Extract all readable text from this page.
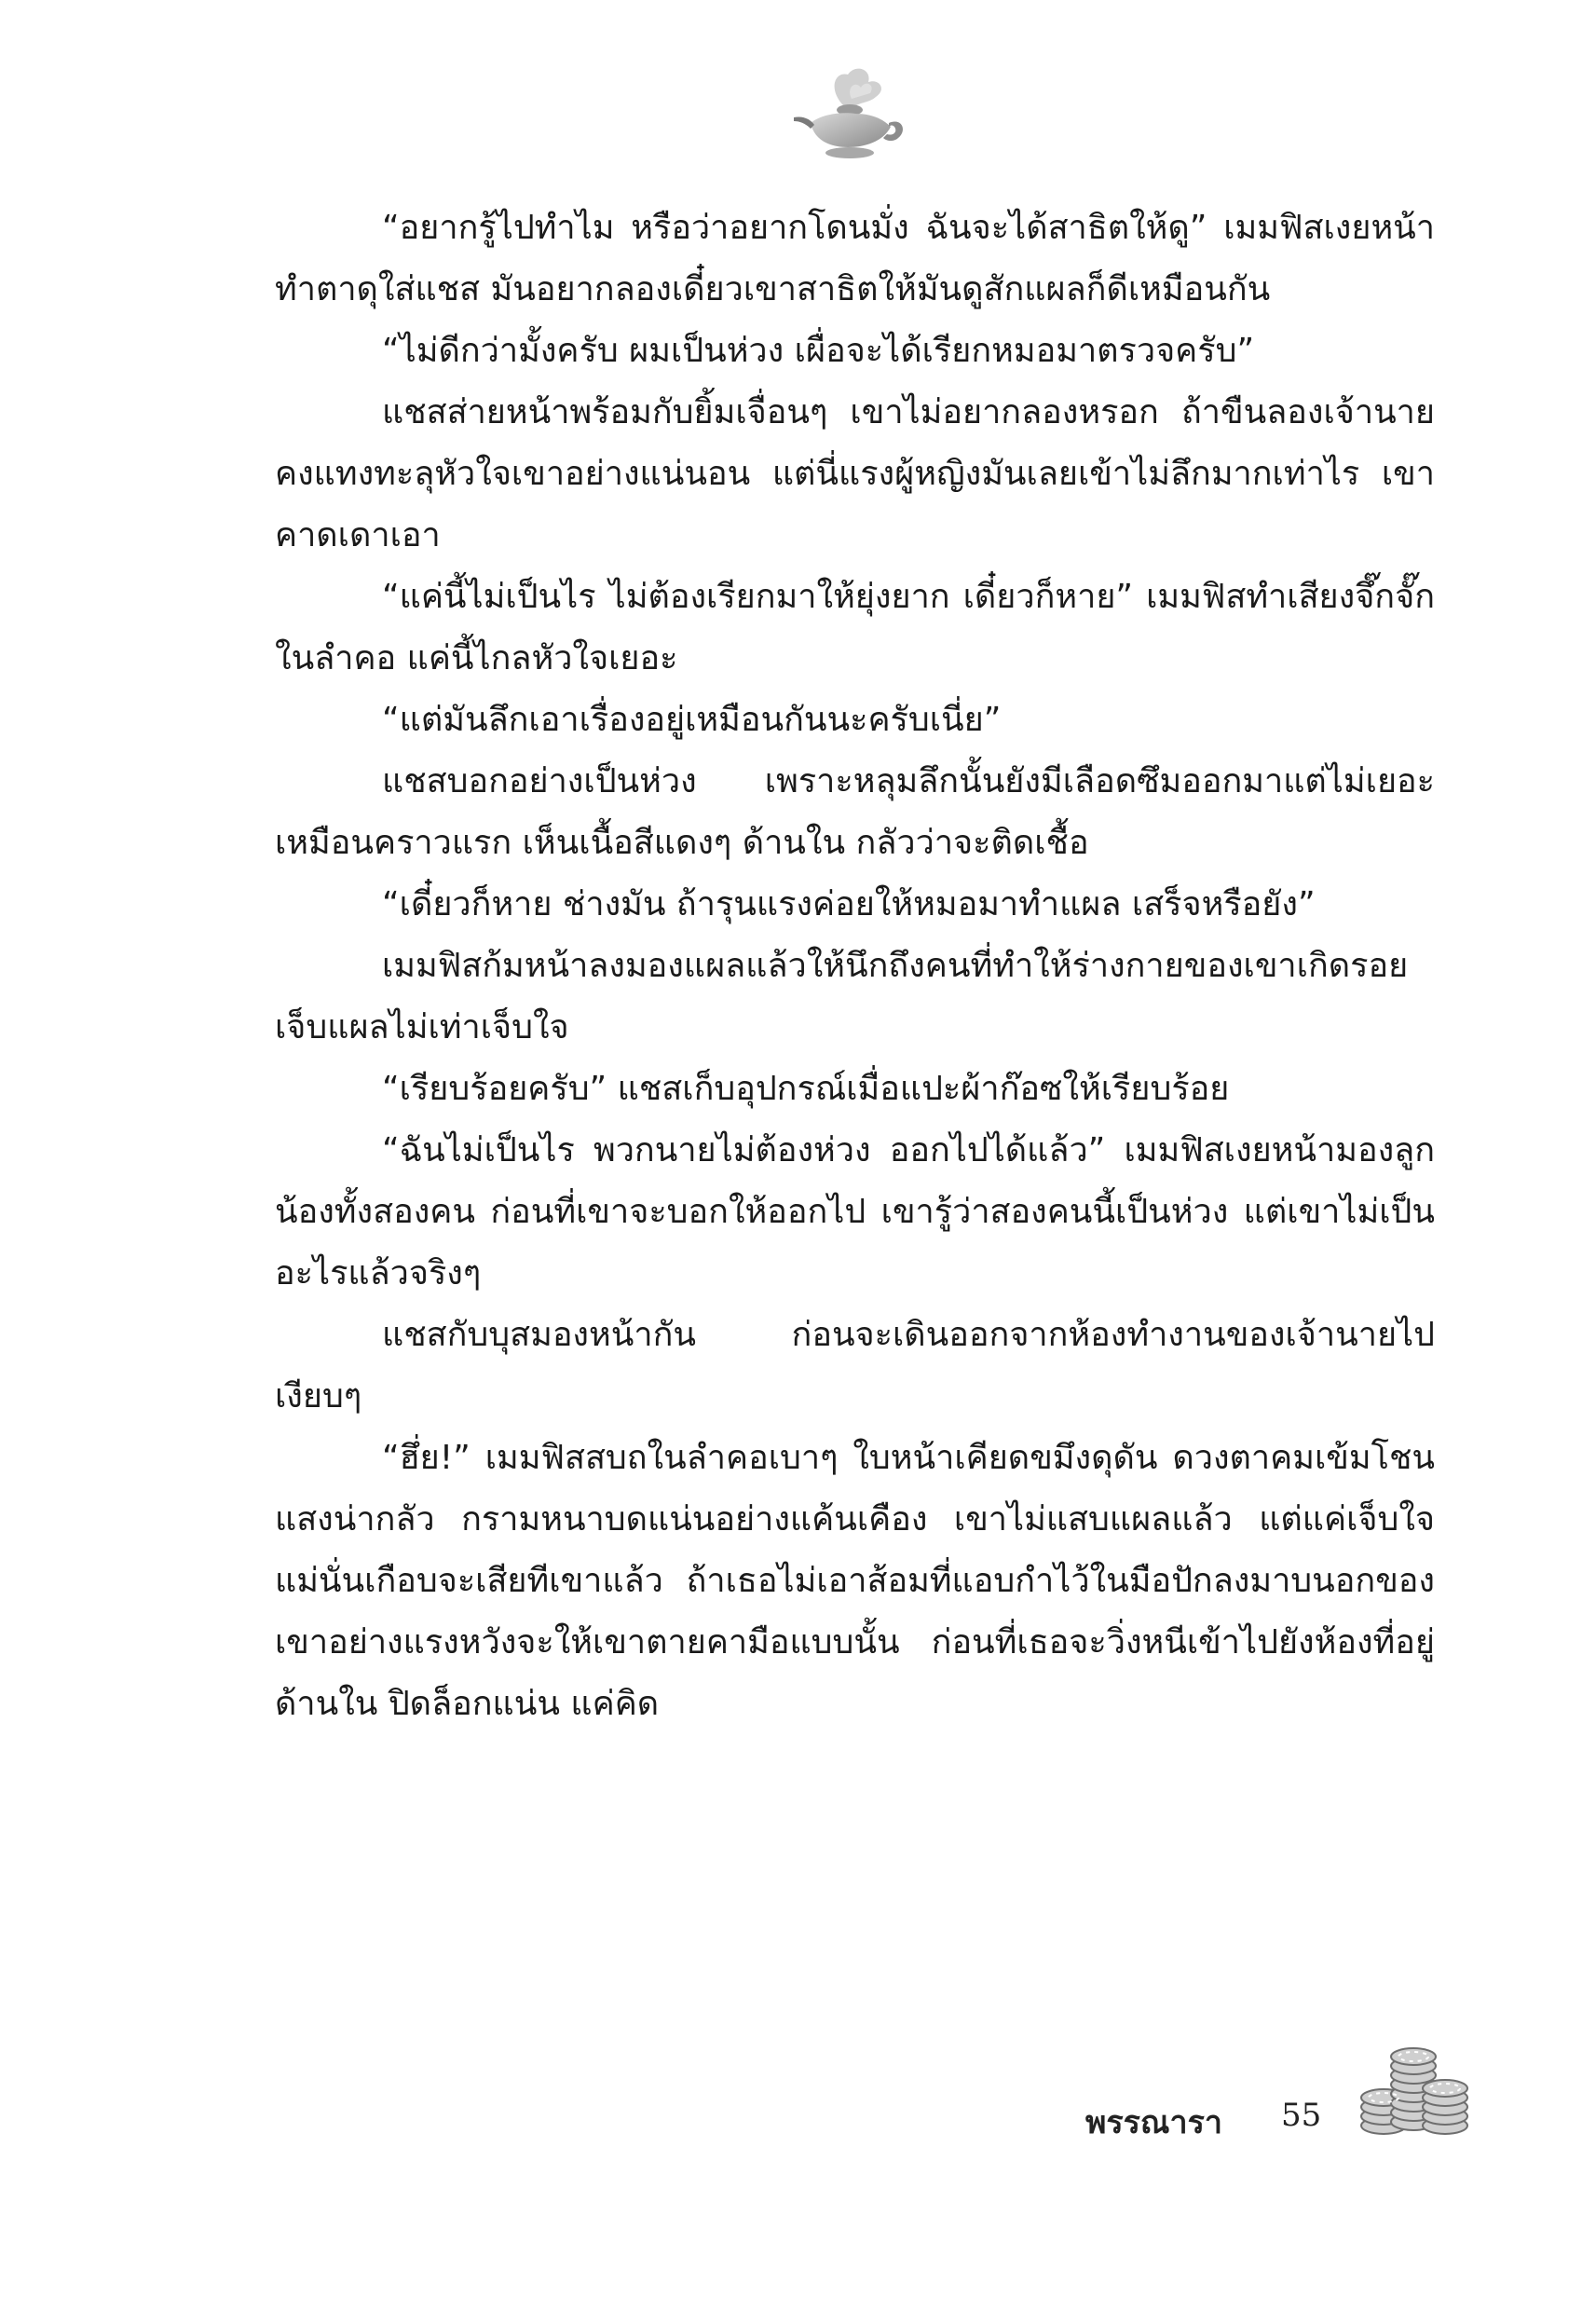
“อยากรู้ไปทำไม หรือว่าอยากโดนมั่ง ฉันจะได้สาธิตให้ดู” เมมฟิสเงยหน้าทำตาดุใส่แชส มันอยากลองเดี๋ยวเขาสาธิตให้มันดูสักแผลก็ดีเหมือนกัน

“ไม่ดีกว่ามั้งครับ ผมเป็นห่วง เผื่อจะได้เรียกหมอมาตรวจครับ”

แชสส่ายหน้าพร้อมกับยิ้มเจื่อนๆ เขาไม่อยากลองหรอก ถ้าขืนลองเจ้านายคงแทงทะลุหัวใจเขาอย่างแน่นอน แต่นี่แรงผู้หญิงมันเลยเข้าไม่ลึกมากเท่าไร เขาคาดเดาเอา

“แค่นี้ไม่เป็นไร ไม่ต้องเรียกมาให้ยุ่งยาก เดี๋ยวก็หาย” เมมฟิสทำเสียงจึ๊กจั๊กในลำคอ แค่นี้ไกลหัวใจเยอะ

“แต่มันลึกเอาเรื่องอยู่เหมือนกันนะครับเนี่ย”

แชสบอกอย่างเป็นห่วง เพราะหลุมลึกนั้นยังมีเลือดซึมออกมาแต่ไม่เยอะเหมือนคราวแรก เห็นเนื้อสีแดงๆ ด้านใน กลัวว่าจะติดเชื้อ

“เดี๋ยวก็หาย ช่างมัน ถ้ารุนแรงค่อยให้หมอมาทำแผล เสร็จหรือยัง”

เมมฟิสก้มหน้าลงมองแผลแล้วให้นึกถึงคนที่ทำให้ร่างกายของเขาเกิดรอย เจ็บแผลไม่เท่าเจ็บใจ

“เรียบร้อยครับ” แชสเก็บอุปกรณ์เมื่อแปะผ้าก๊อซให้เรียบร้อย

“ฉันไม่เป็นไร พวกนายไม่ต้องห่วง ออกไปได้แล้ว” เมมฟิสเงยหน้ามองลูกน้องทั้งสองคน ก่อนที่เขาจะบอกให้ออกไป เขารู้ว่าสองคนนี้เป็นห่วง แต่เขาไม่เป็นอะไรแล้วจริงๆ

แชสกับบุสมองหน้ากัน ก่อนจะเดินออกจากห้องทำงานของเจ้านายไปเงียบๆ

“ฮึ่ย!” เมมฟิสสบถในลำคอเบาๆ ใบหน้าเคียดขมึงดุดัน ดวงตาคมเข้มโชนแสงน่ากลัว กรามหนาบดแน่นอย่างแค้นเคือง เขาไม่แสบแผลแล้ว แต่แค่เจ็บใจ แม่นั่นเกือบจะเสียทีเขาแล้ว ถ้าเธอไม่เอาส้อมที่แอบกำไว้ในมือปักลงมาบนอกของเขาอย่างแรงหวังจะให้เขาตายคามือแบบนั้น ก่อนที่เธอจะวิ่งหนีเข้าไปยังห้องที่อยู่ด้านใน ปิดล็อกแน่น แค่คิด

พรรณารา 55
